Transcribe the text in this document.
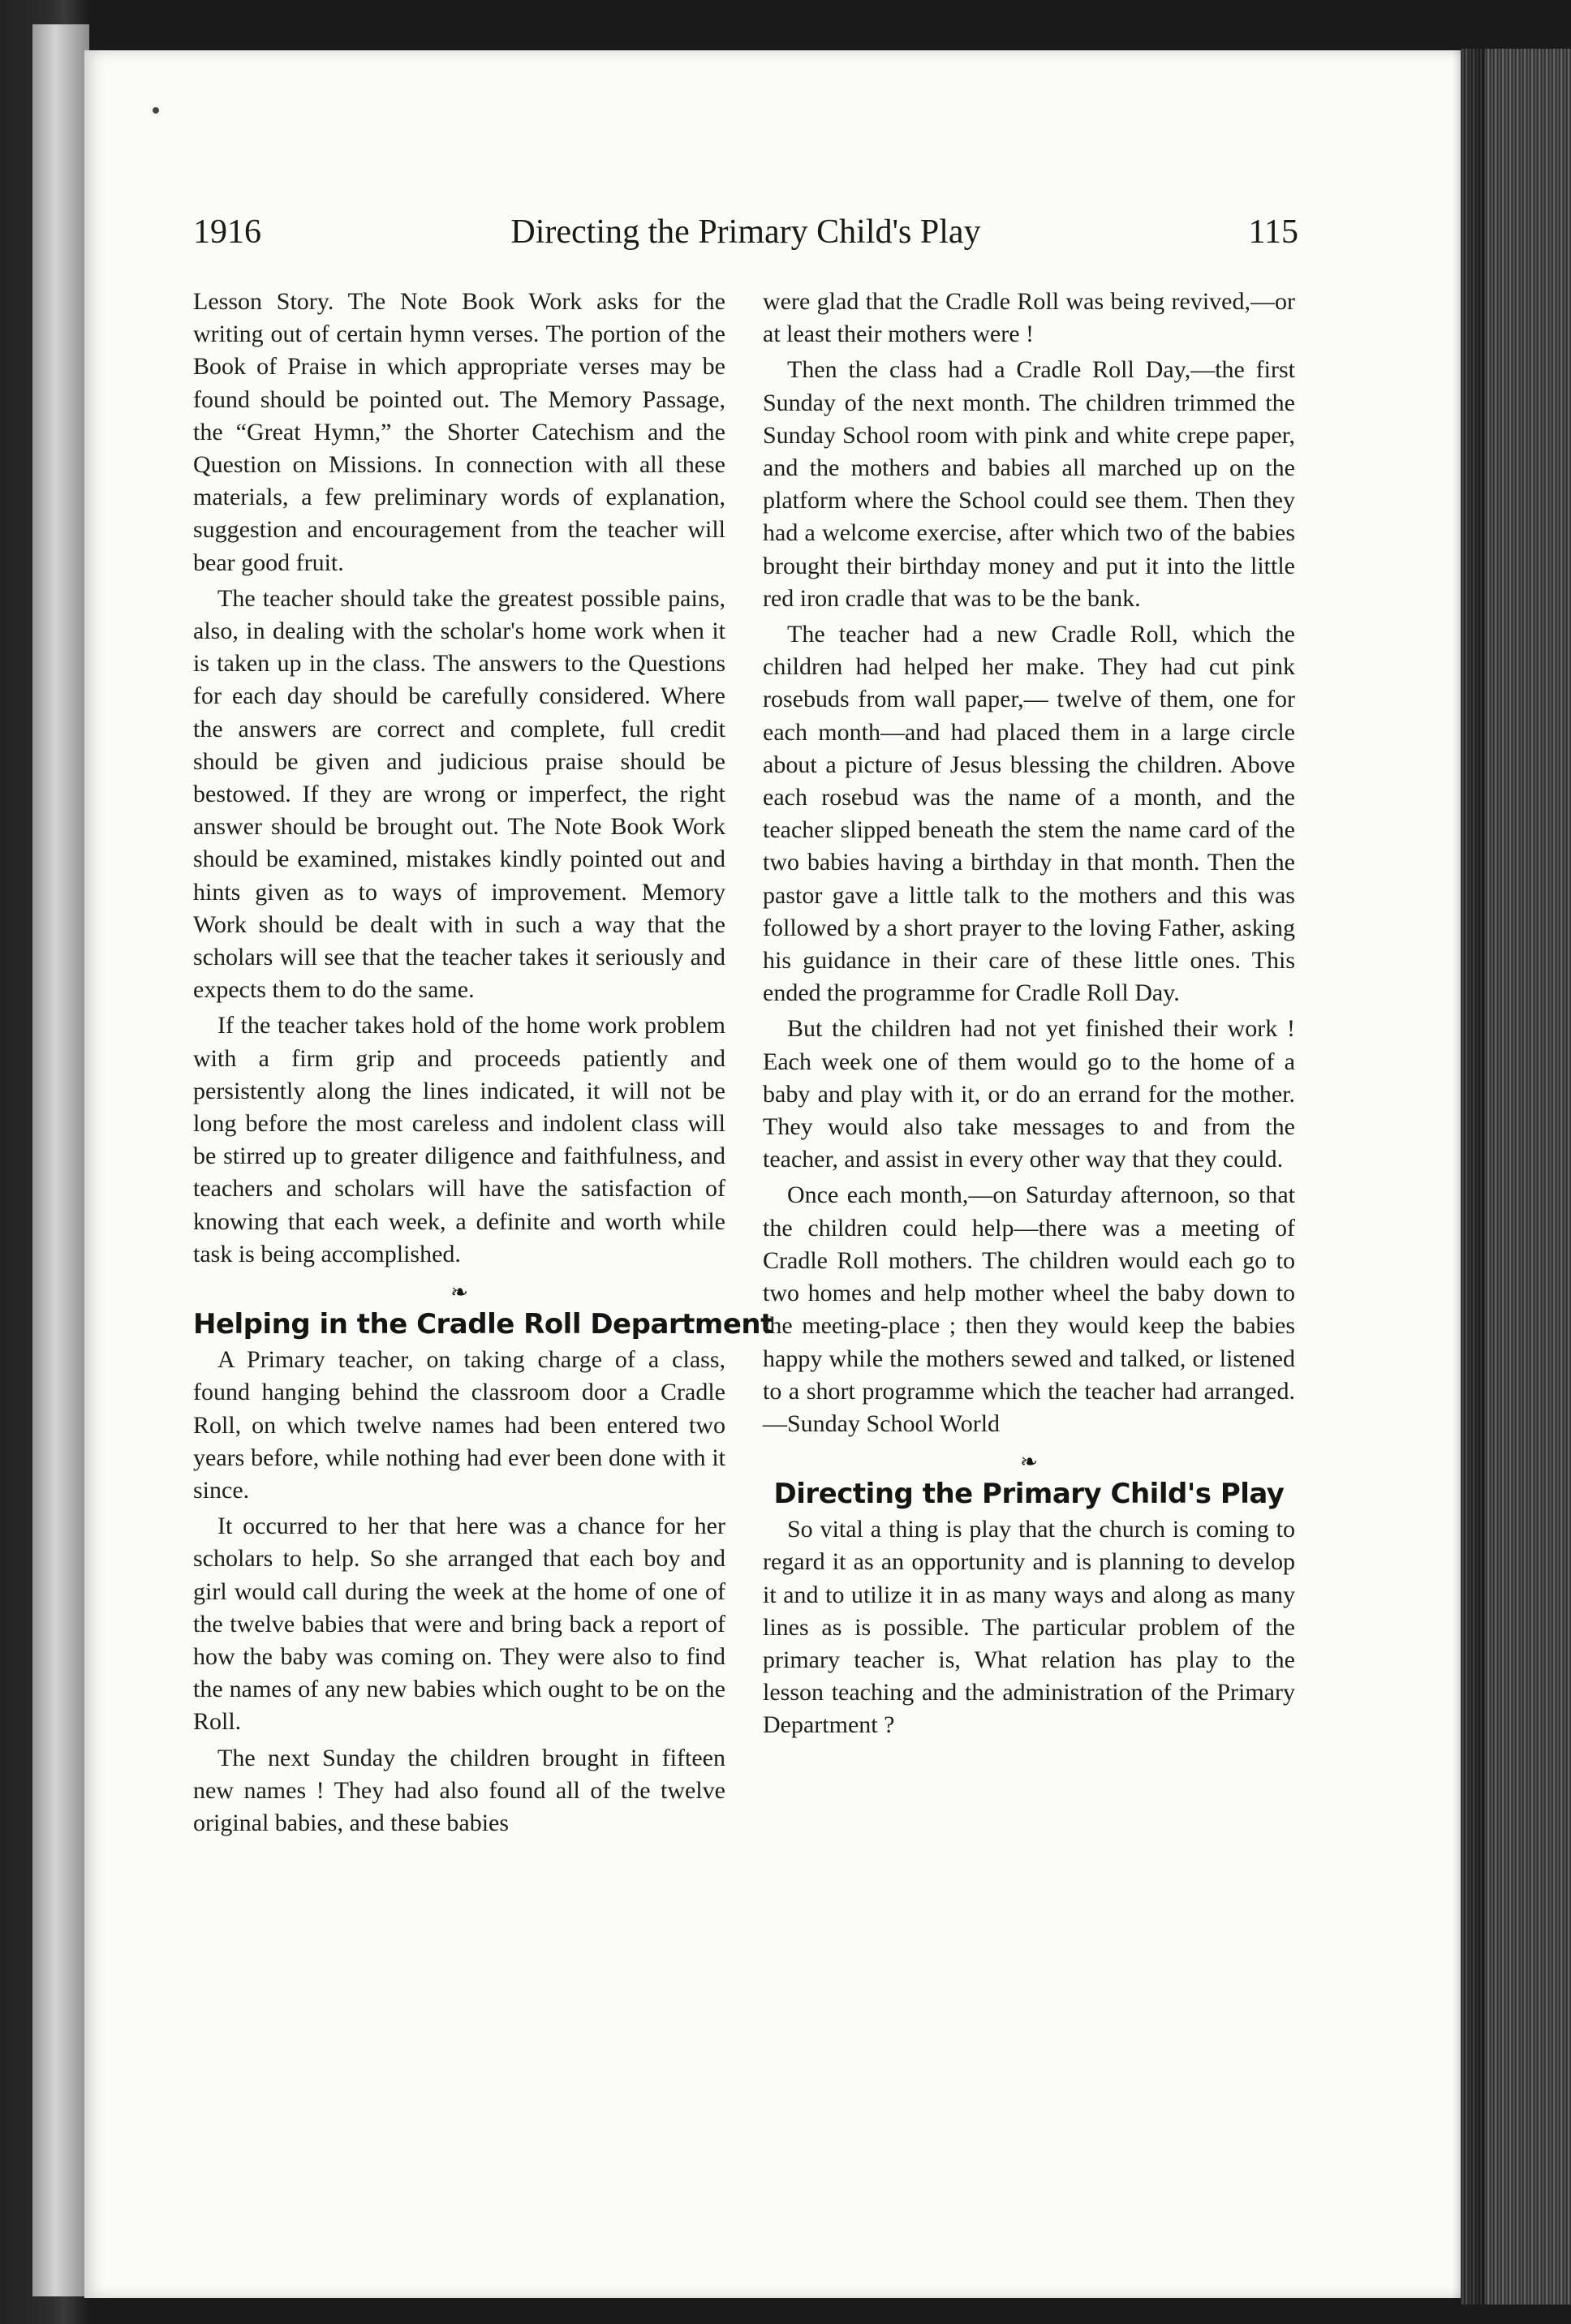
1916	Directing the Primary Child's Play	115

Lesson Story. The Note Book Work asks for the writing out of certain hymn verses. The portion of the Book of Praise in which appropriate verses may be found should be pointed out. The Memory Passage, the “Great Hymn,” the Shorter Catechism and the Question on Missions. In connection with all these materials, a few preliminary words of explanation, suggestion and encouragement from the teacher will bear good fruit.

The teacher should take the greatest possible pains, also, in dealing with the scholar's home work when it is taken up in the class. The answers to the Questions for each day should be carefully considered. Where the answers are correct and complete, full credit should be given and judicious praise should be bestowed. If they are wrong or imperfect, the right answer should be brought out. The Note Book Work should be examined, mistakes kindly pointed out and hints given as to ways of improvement. Memory Work should be dealt with in such a way that the scholars will see that the teacher takes it seriously and expects them to do the same.

If the teacher takes hold of the home work problem with a firm grip and proceeds patiently and persistently along the lines indicated, it will not be long before the most careless and indolent class will be stirred up to greater diligence and faithfulness, and teachers and scholars will have the satisfaction of knowing that each week, a definite and worth while task is being accomplished.

❧
Helping in the Cradle Roll Department

A Primary teacher, on taking charge of a class, found hanging behind the classroom door a Cradle Roll, on which twelve names had been entered two years before, while nothing had ever been done with it since.

It occurred to her that here was a chance for her scholars to help. So she arranged that each boy and girl would call during the week at the home of one of the twelve babies that were and bring back a report of how the baby was coming on. They were also to find the names of any new babies which ought to be on the Roll.

The next Sunday the children brought in fifteen new names ! They had also found all of the twelve original babies, and these babies

were glad that the Cradle Roll was being revived,—or at least their mothers were !

Then the class had a Cradle Roll Day,—the first Sunday of the next month. The children trimmed the Sunday School room with pink and white crepe paper, and the mothers and babies all marched up on the platform where the School could see them. Then they had a welcome exercise, after which two of the babies brought their birthday money and put it into the little red iron cradle that was to be the bank.

The teacher had a new Cradle Roll, which the children had helped her make. They had cut pink rosebuds from wall paper,— twelve of them, one for each month—and had placed them in a large circle about a picture of Jesus blessing the children. Above each rosebud was the name of a month, and the teacher slipped beneath the stem the name card of the two babies having a birthday in that month. Then the pastor gave a little talk to the mothers and this was followed by a short prayer to the loving Father, asking his guidance in their care of these little ones. This ended the programme for Cradle Roll Day.

But the children had not yet finished their work ! Each week one of them would go to the home of a baby and play with it, or do an errand for the mother. They would also take messages to and from the teacher, and assist in every other way that they could.

Once each month,—on Saturday afternoon, so that the children could help—there was a meeting of Cradle Roll mothers. The children would each go to two homes and help mother wheel the baby down to the meeting-place ; then they would keep the babies happy while the mothers sewed and talked, or listened to a short programme which the teacher had arranged.—Sunday School World

❧
Directing the Primary Child's Play

So vital a thing is play that the church is coming to regard it as an opportunity and is planning to develop it and to utilize it in as many ways and along as many lines as is possible. The particular problem of the primary teacher is, What relation has play to the lesson teaching and the administration of the Primary Department ?
